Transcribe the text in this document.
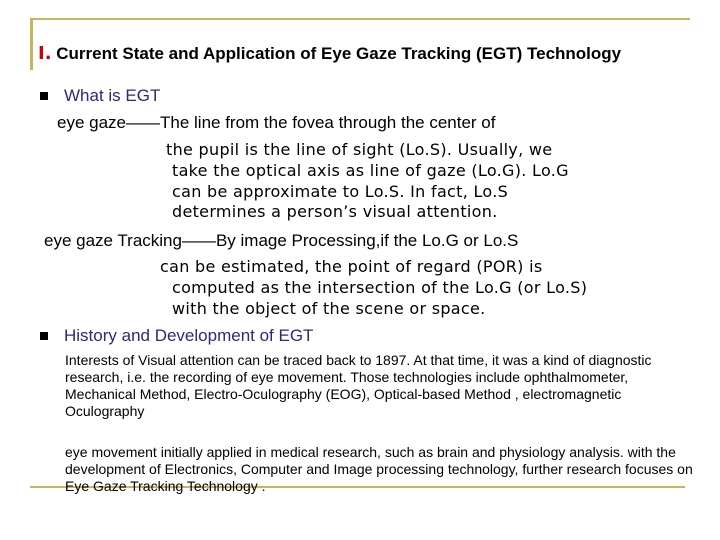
Ⅰ. Current State and Application of Eye Gaze Tracking (EGT) Technology
What is EGT
eye gaze——The line from the fovea through the center of
the pupil is the line of sight (Lo.S). Usually, we
take the optical axis as line of gaze (Lo.G). Lo.G
can be approximate to Lo.S. In fact, Lo.S
determines a person’s visual attention.
eye gaze Tracking——By image Processing,if the Lo.G or Lo.S
can be estimated, the point of regard (POR) is
computed as the intersection of the Lo.G (or Lo.S)
with the object of the scene or space.
History and Development of EGT
Interests of Visual attention can be traced back to 1897. At that time, it was a kind of diagnostic research, i.e. the recording of eye movement. Those technologies include ophthalmometer, Mechanical Method, Electro-Oculography (EOG), Optical-based Method , electromagnetic Oculography
eye movement initially applied in medical research, such as brain and physiology analysis. with the development of Electronics, Computer and Image processing technology, further research focuses on Eye Gaze Tracking Technology .
